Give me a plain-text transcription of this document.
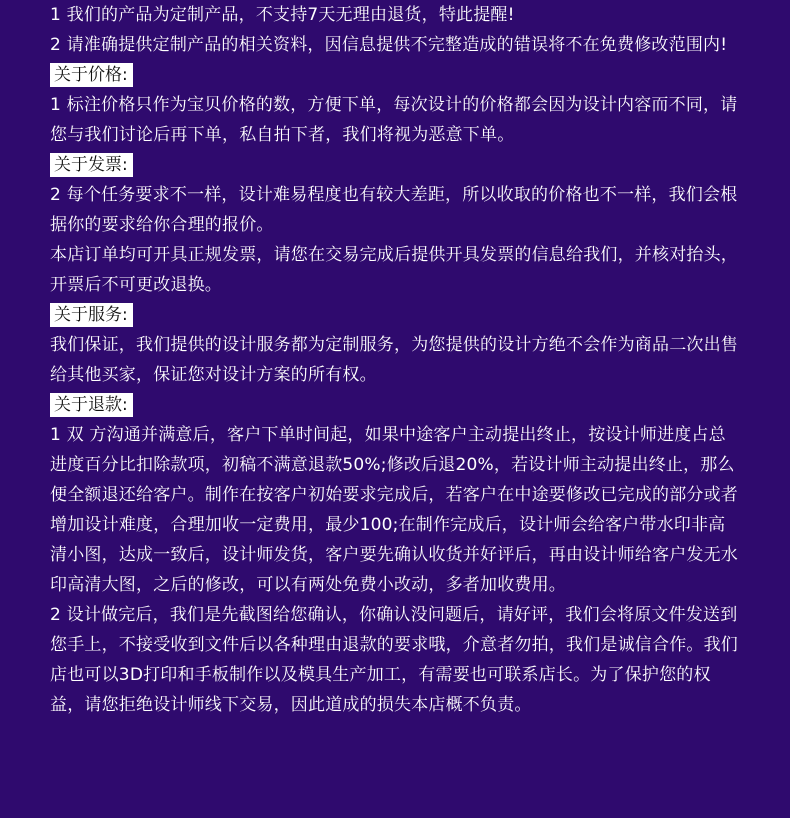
1 我们的产品为定制产品，不支持7天无理由退货，特此提醒!

2 请准确提供定制产品的相关资料，因信息提供不完整造成的错误将不在免费修改范围内!

关于价格:

1 标注价格只作为宝贝价格的数，方便下单，每次设计的价格都会因为设计内容而不同，请您与我们讨论后再下单，私自拍下者，我们将视为恶意下单。

关于发票:

2 每个任务要求不一样，设计难易程度也有较大差距，所以收取的价格也不一样，我们会根据你的要求给你合理的报价。

本店订单均可开具正规发票，请您在交易完成后提供开具发票的信息给我们，并核对抬头，开票后不可更改退换。

关于服务:

我们保证，我们提供的设计服务都为定制服务，为您提供的设计方绝不会作为商品二次出售给其他买家，保证您对设计方案的所有权。

关于退款:

1 双 方沟通并满意后，客户下单时间起，如果中途客户主动提出终止，按设计师进度占总进度百分比扣除款项，初稿不满意退款50%;修改后退20%，若设计师主动提出终止，那么便全额退还给客户。制作在按客户初始要求完成后，若客户在中途要修改已完成的部分或者增加设计难度，合理加收一定费用，最少100;在制作完成后，设计师会给客户带水印非高清小图，达成一致后，设计师发货，客户要先确认收货并好评后，再由设计师给客户发无水印高清大图，之后的修改，可以有两处免费小改动，多者加收费用。

2 设计做完后，我们是先截图给您确认，你确认没问题后，请好评，我们会将原文件发送到您手上，不接受收到文件后以各种理由退款的要求哦，介意者勿拍，我们是诚信合作。我们店也可以3D打印和手板制作以及模具生产加工，有需要也可联系店长。为了保护您的权益，请您拒绝设计师线下交易，因此道成的损失本店概不负责。
